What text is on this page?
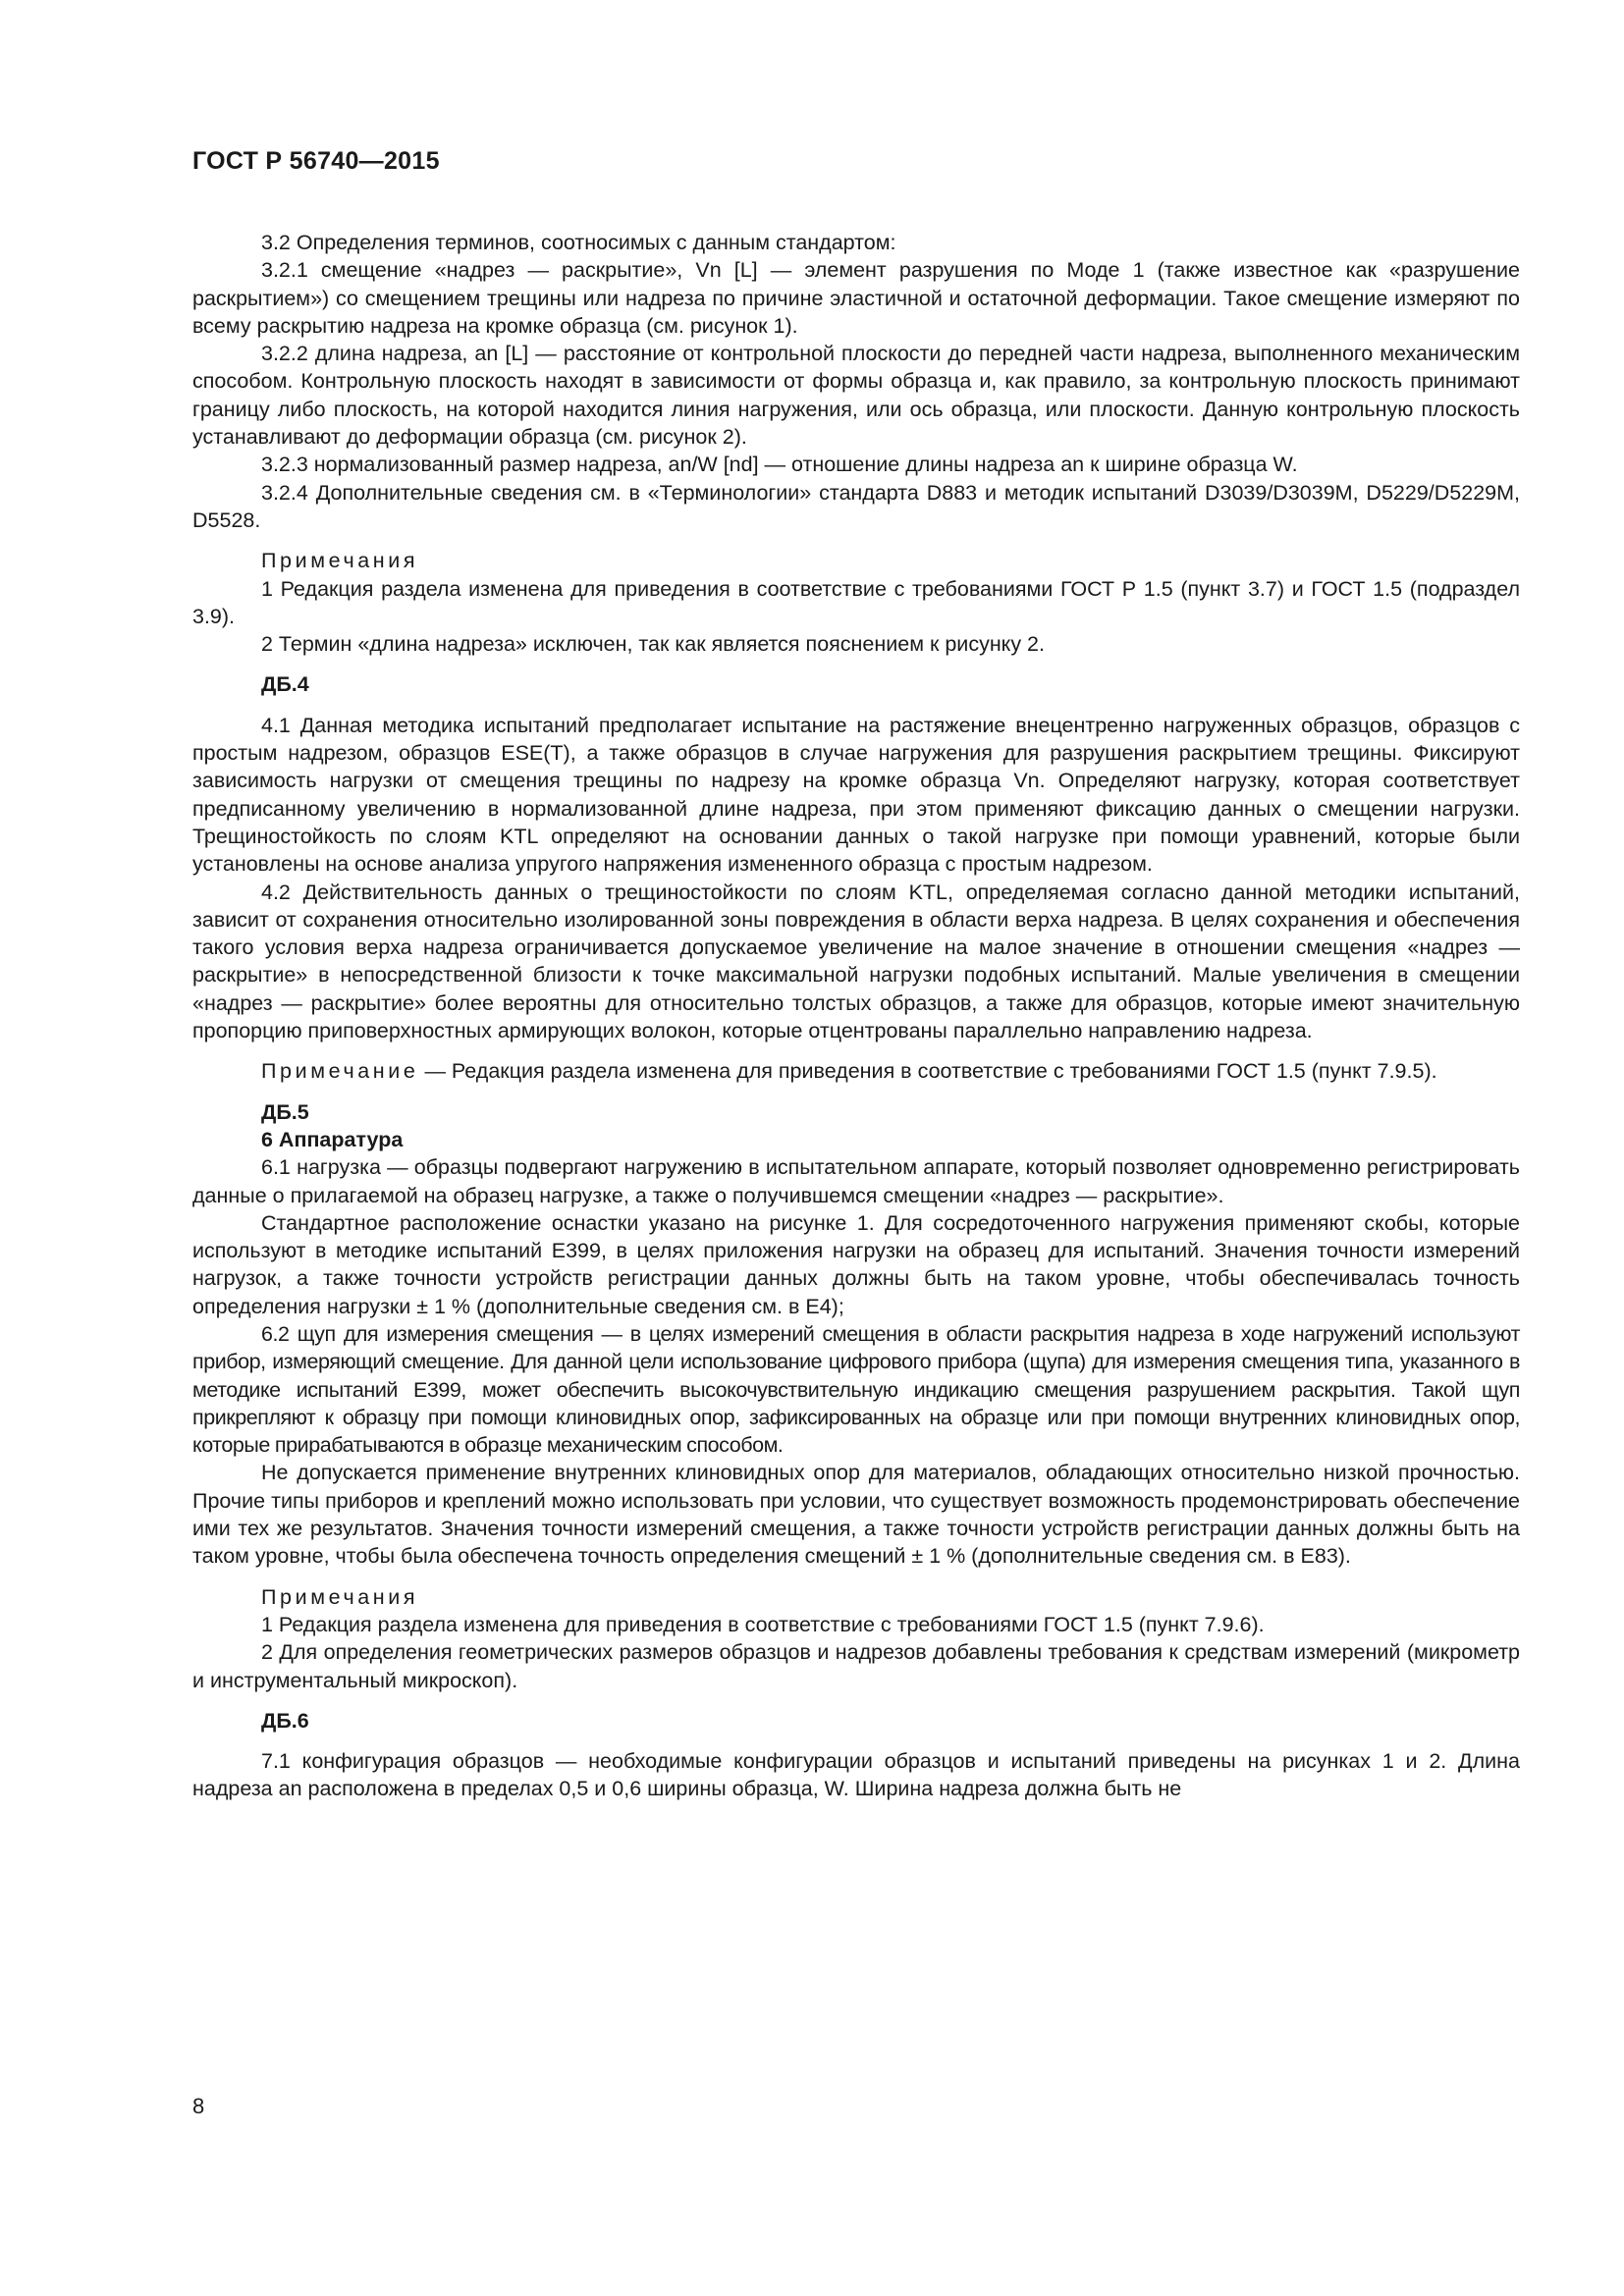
ГОСТ Р 56740—2015

3.2 Определения терминов, соотносимых с данным стандартом:

3.2.1 смещение «надрез — раскрытие», Vn [L] — элемент разрушения по Моде 1 (также известное как «разрушение раскрытием») со смещением трещины или надреза по причине эластичной и остаточной деформации. Такое смещение измеряют по всему раскрытию надреза на кромке образца (см. рисунок 1).

3.2.2 длина надреза, an [L] — расстояние от контрольной плоскости до передней части надреза, выполненного механическим способом. Контрольную плоскость находят в зависимости от формы образца и, как правило, за контрольную плоскость принимают границу либо плоскость, на которой находится линия нагружения, или ось образца, или плоскости. Данную контрольную плоскость устанавливают до деформации образца (см. рисунок 2).

3.2.3 нормализованный размер надреза, an/W [nd] — отношение длины надреза an к ширине образца W.

3.2.4 Дополнительные сведения см. в «Терминологии» стандарта D883 и методик испытаний D3039/D3039M, D5229/D5229M, D5528.

Примечания

1 Редакция раздела изменена для приведения в соответствие с требованиями ГОСТ Р 1.5 (пункт 3.7) и ГОСТ 1.5 (подраздел 3.9).

2 Термин «длина надреза» исключен, так как является пояснением к рисунку 2.

ДБ.4

4.1 Данная методика испытаний предполагает испытание на растяжение внецентренно нагруженных образцов, образцов с простым надрезом, образцов ESE(T), а также образцов в случае нагружения для разрушения раскрытием трещины. Фиксируют зависимость нагрузки от смещения трещины по надрезу на кромке образца Vn. Определяют нагрузку, которая соответствует предписанному увеличению в нормализованной длине надреза, при этом применяют фиксацию данных о смещении нагрузки. Трещиностойкость по слоям KTL определяют на основании данных о такой нагрузке при помощи уравнений, которые были установлены на основе анализа упругого напряжения измененного образца с простым надрезом.

4.2 Действительность данных о трещиностойкости по слоям KTL, определяемая согласно данной методики испытаний, зависит от сохранения относительно изолированной зоны повреждения в области верха надреза. В целях сохранения и обеспечения такого условия верха надреза ограничивается допускаемое увеличение на малое значение в отношении смещения «надрез — раскрытие» в непосредственной близости к точке максимальной нагрузки подобных испытаний. Малые увеличения в смещении «надрез — раскрытие» более вероятны для относительно толстых образцов, а также для образцов, которые имеют значительную пропорцию приповерхностных армирующих волокон, которые отцентрованы параллельно направлению надреза.

Примечание — Редакция раздела изменена для приведения в соответствие с требованиями ГОСТ 1.5 (пункт 7.9.5).

ДБ.5
6 Аппаратура

6.1 нагрузка — образцы подвергают нагружению в испытательном аппарате, который позволяет одновременно регистрировать данные о прилагаемой на образец нагрузке, а также о получившемся смещении «надрез — раскрытие».

Стандартное расположение оснастки указано на рисунке 1. Для сосредоточенного нагружения применяют скобы, которые используют в методике испытаний E399, в целях приложения нагрузки на образец для испытаний. Значения точности измерений нагрузок, а также точности устройств регистрации данных должны быть на таком уровне, чтобы обеспечивалась точность определения нагрузки ± 1 % (дополнительные сведения см. в E4);

6.2 щуп для измерения смещения — в целях измерений смещения в области раскрытия надреза в ходе нагружений используют прибор, измеряющий смещение. Для данной цели использование цифрового прибора (щупа) для измерения смещения типа, указанного в методике испытаний E399, может обеспечить высокочувствительную индикацию смещения разрушением раскрытия. Такой щуп прикрепляют к образцу при помощи клиновидных опор, зафиксированных на образце или при помощи внутренних клиновидных опор, которые прирабатываются в образце механическим способом.

Не допускается применение внутренних клиновидных опор для материалов, обладающих относительно низкой прочностью. Прочие типы приборов и креплений можно использовать при условии, что существует возможность продемонстрировать обеспечение ими тех же результатов. Значения точности измерений смещения, а также точности устройств регистрации данных должны быть на таком уровне, чтобы была обеспечена точность определения смещений ± 1 % (дополнительные сведения см. в E83).

Примечания

1 Редакция раздела изменена для приведения в соответствие с требованиями ГОСТ 1.5 (пункт 7.9.6).

2 Для определения геометрических размеров образцов и надрезов добавлены требования к средствам измерений (микрометр и инструментальный микроскоп).

ДБ.6

7.1 конфигурация образцов — необходимые конфигурации образцов и испытаний приведены на рисунках 1 и 2. Длина надреза an расположена в пределах 0,5 и 0,6 ширины образца, W. Ширина надреза должна быть не

8
